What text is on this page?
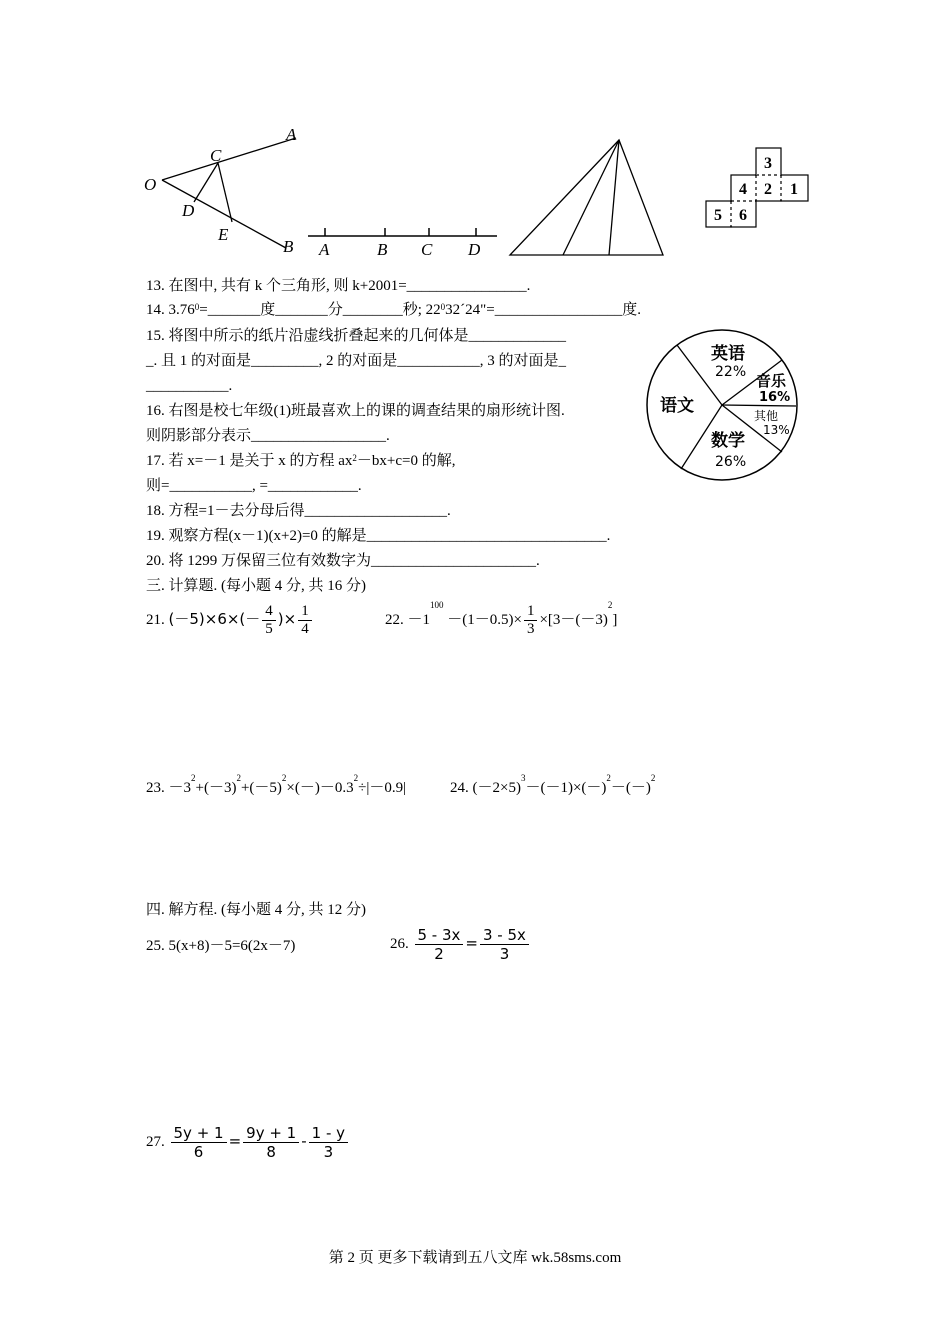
A
C
O
D
E
B A	B C D
3
4 2 1
5 6
英语
22% 音乐
16%
其他
13%
语文
数学
26%
13. 在图中, 共有 k 个三角形, 则 k+2001=________________.
14. $3.76^0=\_\_\_\_\_\_\_$度_______分________秒; $22^032´24"=\_\_\_\_\_\_\_\_\_\_\_\_\_\_\_\_\_$度.
15. 将图中所示的纸片沿虚线折叠起来的几何体是_____________
_. 且 1 的对面是_________, 2 的对面是___________, 3 的对面是_
___________.
16. 右图是校七年级(1)班最喜欢上的课的调查结果的扇形统计图.
则阴影部分表示__________________.
17. 若 x=－1 是关于 x 的方程 $ax^2-bx+c=0$ 的解,
则=___________, =____________.
18. 方程=1－去分母后得___________________.
19. 观察方程(x－1)(x+2)=0 的解是________________________________.
20. 将 1299 万保留三位有效数字为______________________.
三. 计算题. (每小题 4 分, 共 16 分)
21. $(-5)\times 6\times(- \frac{4}{5}$ )× $\frac{1}{4}$	22. $-1^{100} -(1-0.5)\times \frac{1}{3} \times[3-(-3)^2]$
23. $-3^2+(-3)^2+(-5)^2\times(-)-0.3^2\div|-0.9|$	24. $(-2\times 5)^3-(-1)\times(-)^2-(-)^2$
四. 解方程. (每小题 4 分, 共 12 分)
25. 5(x+8)－5=6(2x－7)	26. $\frac{5 - 3x}{2} = \frac{3 - 5x}{3}$
27. $\frac{5y + 1}{6} = \frac{9y + 1}{8} - \frac{1 - y}{3}$
第 2 页 更多下载请到五八文库 wk.58sms.com
